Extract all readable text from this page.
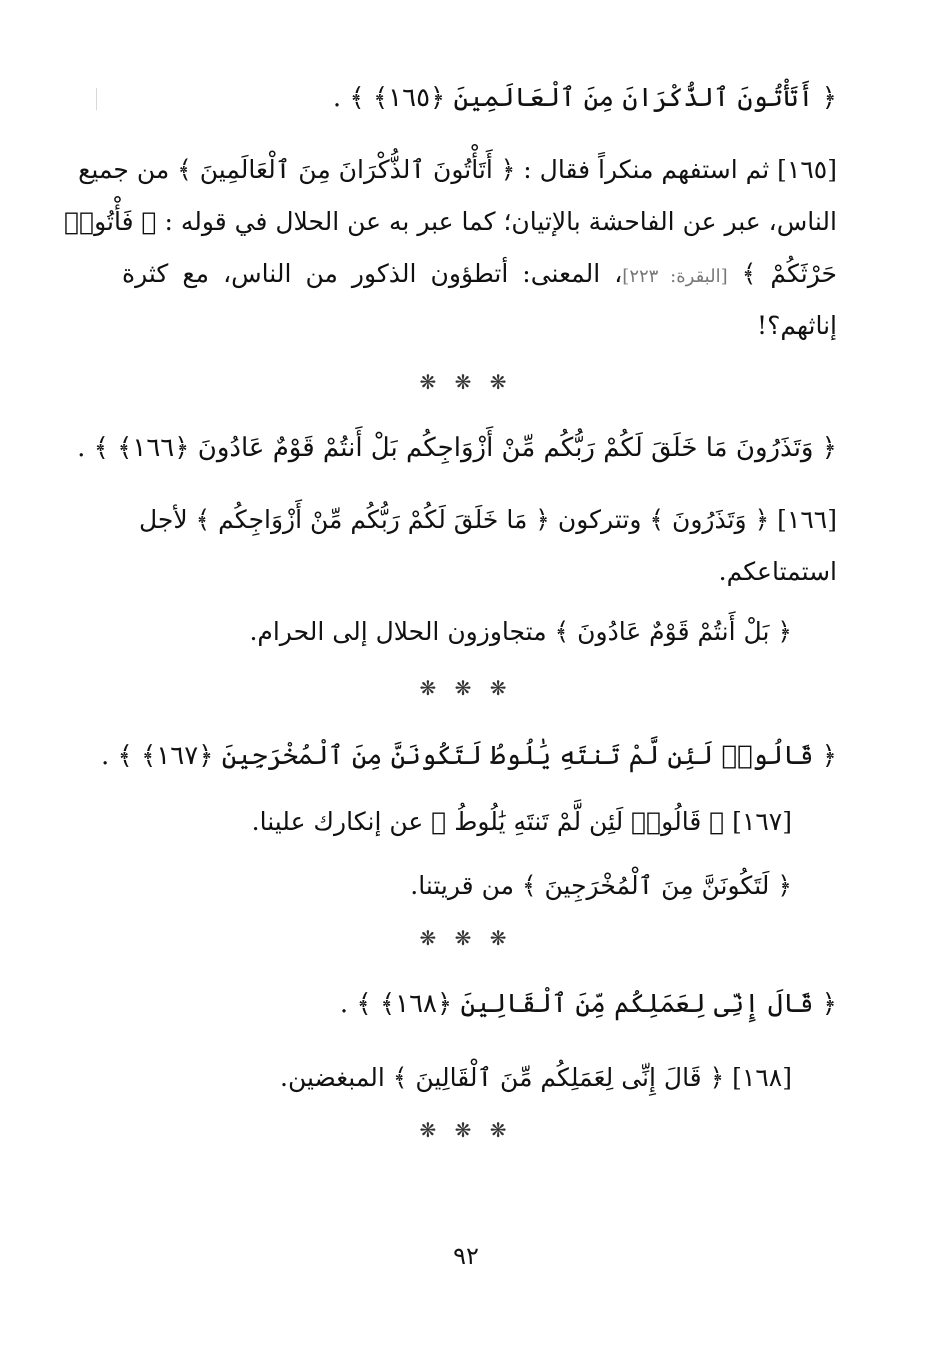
﴿ أَتَأْتُونَ ٱلذُّكْرَانَ مِنَ ٱلْعَالَمِينَ ﴿١٦٥﴾ ﴾ .
[١٦٥] ثم استفهم منكراً فقال : ﴿ أَتَأْتُونَ ٱلذُّكْرَانَ مِنَ ٱلْعَالَمِينَ ﴾ من جميع
الناس، عبر عن الفاحشة بالإتيان؛ كما عبر به عن الحلال في قوله : ﴿ فَأْتُوا۟
حَرْثَكُمْ ﴾ [البقرة: ٢٢٣]، المعنى: أتطؤون الذكور من الناس، مع كثرة
إناثهم؟!
❋ ❋ ❋
﴿ وَتَذَرُونَ مَا خَلَقَ لَكُمْ رَبُّكُم مِّنْ أَزْوَاجِكُم بَلْ أَنتُمْ قَوْمٌ عَادُونَ ﴿١٦٦﴾ ﴾ .
[١٦٦] ﴿ وَتَذَرُونَ ﴾ وتتركون ﴿ مَا خَلَقَ لَكُمْ رَبُّكُم مِّنْ أَزْوَاجِكُم ﴾ لأجل
استمتاعكم.
﴿ بَلْ أَنتُمْ قَوْمٌ عَادُونَ ﴾ متجاوزون الحلال إلى الحرام.
❋ ❋ ❋
﴿ قَالُوا۟ لَئِن لَّمْ تَنتَهِ يَٰلُوطُ لَتَكُونَنَّ مِنَ ٱلْمُخْرَجِينَ ﴿١٦٧﴾ ﴾ .
[١٦٧] ﴿ قَالُوا۟ لَئِن لَّمْ تَنتَهِ يَٰلُوطُ ﴾ عن إنكارك علينا.
﴿ لَتَكُونَنَّ مِنَ ٱلْمُخْرَجِينَ ﴾ من قريتنا.
❋ ❋ ❋
﴿ قَالَ إِنِّى لِعَمَلِكُم مِّنَ ٱلْقَالِينَ ﴿١٦٨﴾ ﴾ .
[١٦٨] ﴿ قَالَ إِنِّى لِعَمَلِكُم مِّنَ ٱلْقَالِينَ ﴾ المبغضين.
❋ ❋ ❋
٩٢
